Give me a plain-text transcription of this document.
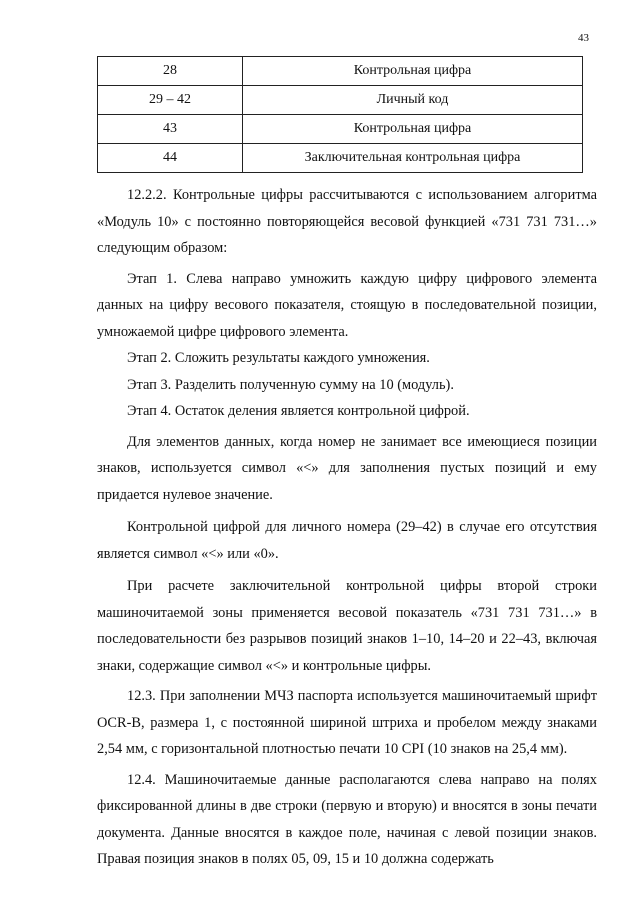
43
28	Контрольная цифра
29 – 42	Личный код
43	Контрольная цифра
44	Заключительная контрольная цифра

12.2.2. Контрольные цифры рассчитываются с использованием алгоритма «Модуль 10» с постоянно повторяющейся весовой функцией «731 731 731…» следующим образом:

Этап 1. Слева направо умножить каждую цифру цифрового элемента данных на цифру весового показателя, стоящую в последовательной позиции, умножаемой цифре цифрового элемента.

Этап 2. Сложить результаты каждого умножения.

Этап 3. Разделить полученную сумму на 10 (модуль).

Этап 4. Остаток деления является контрольной цифрой.

Для элементов данных, когда номер не занимает все имеющиеся позиции знаков, используется символ «<» для заполнения пустых позиций и ему придается нулевое значение.

Контрольной цифрой для личного номера (29–42) в случае его отсутствия является символ «<» или «0».

При расчете заключительной контрольной цифры второй строки машиночитаемой зоны применяется весовой показатель «731 731 731…» в последовательности без разрывов позиций знаков 1–10, 14–20 и 22–43, включая знаки, содержащие символ «<» и контрольные цифры.

12.3. При заполнении МЧЗ паспорта используется машиночитаемый шрифт OCR-B, размера 1, с постоянной шириной штриха и пробелом между знаками 2,54 мм, с горизонтальной плотностью печати 10 CPI (10 знаков на 25,4 мм).

12.4. Машиночитаемые данные располагаются слева направо на полях фиксированной длины в две строки (первую и вторую) и вносятся в зоны печати документа. Данные вносятся в каждое поле, начиная с левой позиции знаков. Правая позиция знаков в полях 05, 09, 15 и 10 должна содержать
